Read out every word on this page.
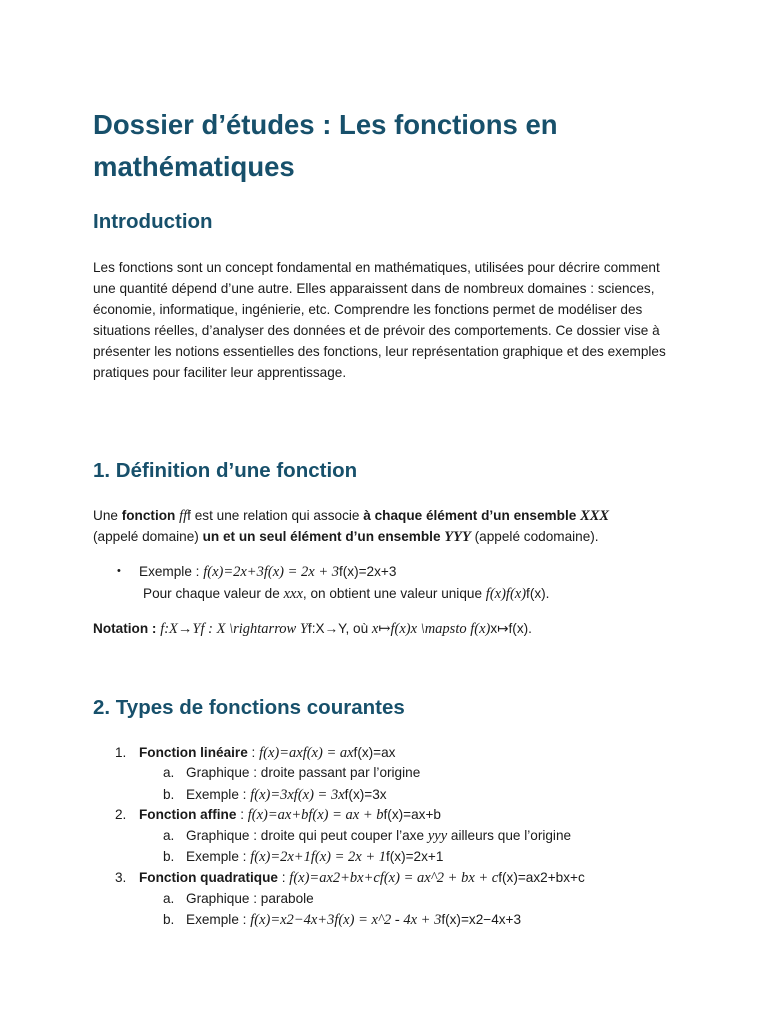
Dossier d’études : Les fonctions en mathématiques
Introduction

Les fonctions sont un concept fondamental en mathématiques, utilisées pour décrire comment une quantité dépend d’une autre. Elles apparaissent dans de nombreux domaines : sciences, économie, informatique, ingénierie, etc. Comprendre les fonctions permet de modéliser des situations réelles, d’analyser des données et de prévoir des comportements. Ce dossier vise à présenter les notions essentielles des fonctions, leur représentation graphique et des exemples pratiques pour faciliter leur apprentissage.

1. Définition d’une fonction

Une fonction fff est une relation qui associe à chaque élément d’un ensemble XXX

(appelé domaine) un et un seul élément d’un ensemble YYY (appelé codomaine).

• Exemple : f(x)=2x+3f(x) = 2x + 3f(x)=2x+3

Pour chaque valeur de xxx, on obtient une valeur unique f(x)f(x)f(x).

Notation : f:X→Yf : X \rightarrow Yf:X→Y, où x↦f(x)x \mapsto f(x)x↦f(x).

2. Types de fonctions courantes
1. Fonction linéaire : f(x)=axf(x) = axf(x)=ax

a. Graphique : droite passant par l’origine

b. Exemple : f(x)=3xf(x) = 3xf(x)=3x

2. Fonction affine : f(x)=ax+bf(x) = ax + bf(x)=ax+b

a. Graphique : droite qui peut couper l’axe yyy ailleurs que l’origine

b. Exemple : f(x)=2x+1f(x) = 2x + 1f(x)=2x+1

3. Fonction quadratique : f(x)=ax2+bx+cf(x) = ax^2 + bx + cf(x)=ax2+bx+c

a. Graphique : parabole

b. Exemple : f(x)=x2−4x+3f(x) = x^2 - 4x + 3f(x)=x2−4x+3
